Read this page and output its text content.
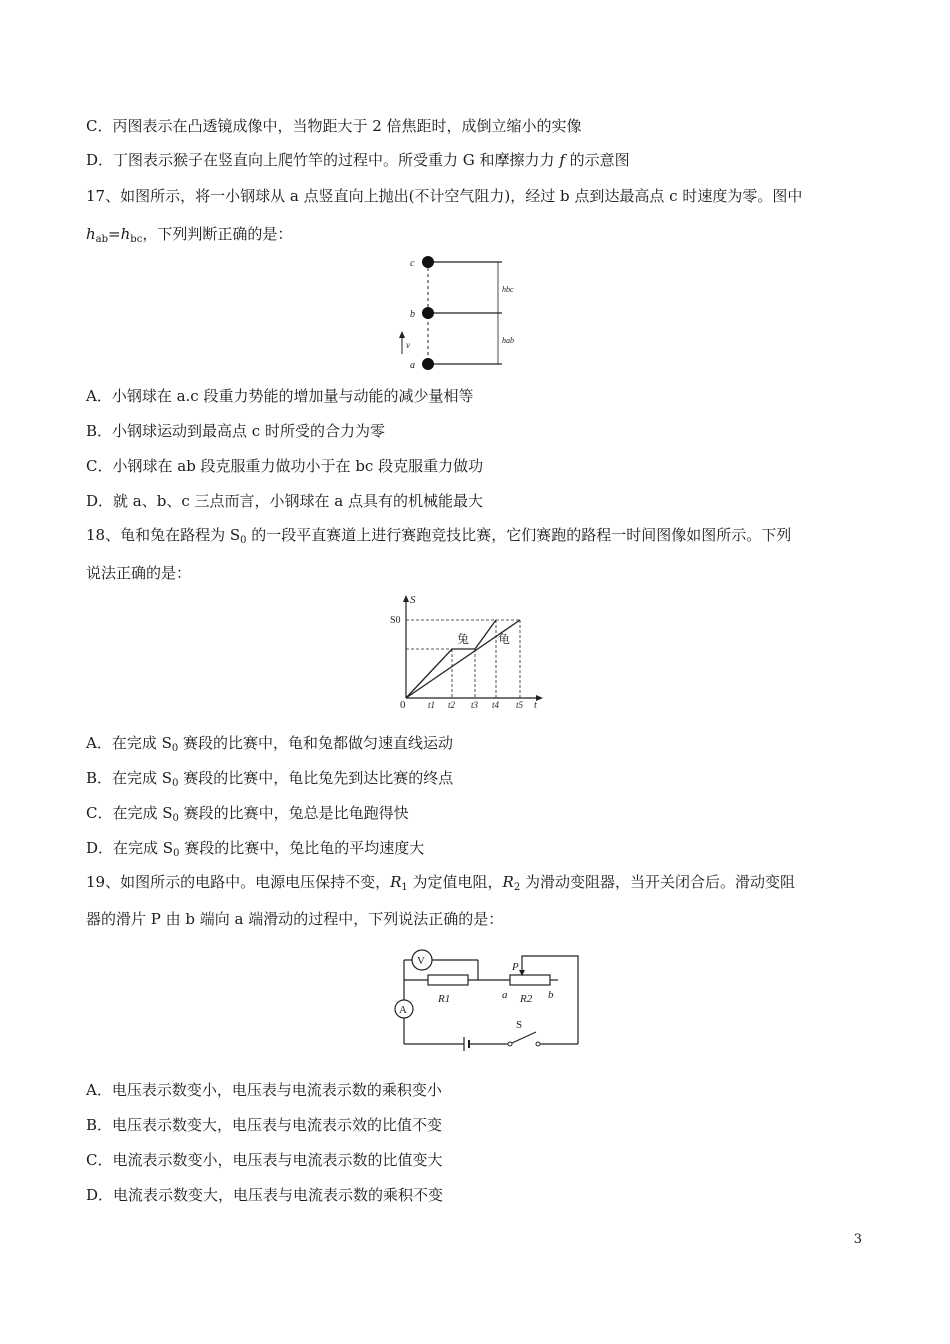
C．丙图表示在凸透镜成像中，当物距大于 2 倍焦距时，成倒立缩小的实像
D．丁图表示猴子在竖直向上爬竹竿的过程中。所受重力 G 和摩擦力力 f 的示意图
17、如图所示，将一小钢球从 a 点竖直向上抛出(不计空气阻力)，经过 b 点到达最高点 c 时速度为零。图中
$h_{ab}=h_{bc}$，下列判断正确的是：
c
b
a
v
hbc
hab
A．小钢球在 a.c 段重力势能的增加量与动能的减少量相等
B．小钢球运动到最高点 c 时所受的合力为零
C．小钢球在 ab 段克服重力做功小于在 bc 段克服重力做功
D．就 a、b、c 三点而言，小钢球在 a 点具有的机械能最大
18、龟和兔在路程为 $S_0$ 的一段平直赛道上进行赛跑竞技比赛，它们赛跑的路程一时间图像如图所示。下列
说法正确的是：
S
S0
0	t1 t2 t3 t4 t5 t
兔 龟
A．在完成 $S_0$ 赛段的比赛中，龟和兔都做匀速直线运动
B．在完成 $S_0$ 赛段的比赛中，龟比兔先到达比赛的终点
C．在完成 $S_0$ 赛段的比赛中，兔总是比龟跑得快
D．在完成 $S_0$ 赛段的比赛中，兔比龟的平均速度大
19、如图所示的电路中。电源电压保持不变，$R_1$ 为定值电阻，$R_2$ 为滑动变阻器，当开关闭合后。滑动变阻
器的滑片 P 由 b 端向 a 端滑动的过程中，下列说法正确的是：
V
A
R1
P
a R2 b
S
A．电压表示数变小，电压表与电流表示数的乘积变小
B．电压表示数变大，电压表与电流表示效的比值不变
C．电流表示数变小，电压表与电流表示数的比值变大
D．电流表示数变大，电压表与电流表示数的乘积不变
3
